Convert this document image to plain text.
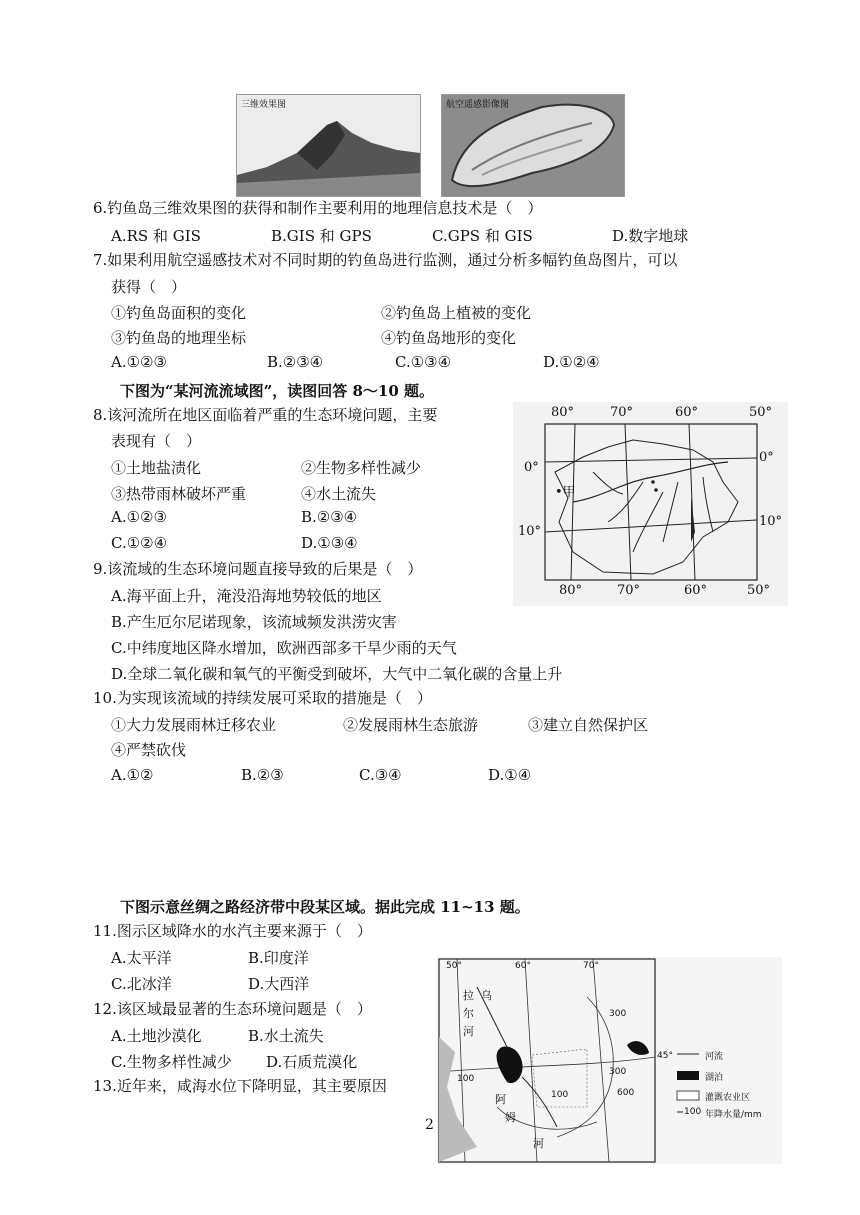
三维效果图	航空遥感影像图
6.钓鱼岛三维效果图的获得和制作主要利用的地理信息技术是（　）
A.RS 和 GIS	B.GIS 和 GPS	C.GPS 和 GIS	D.数字地球
7.如果利用航空遥感技术对不同时期的钓鱼岛进行监测，通过分析多幅钓鱼岛图片，可以
获得（　）
①钓鱼岛面积的变化	②钓鱼岛上植被的变化
③钓鱼岛的地理坐标	④钓鱼岛地形的变化
A.①②③	B.②③④	C.①③④	D.①②④
下图为“某河流流域图”，读图回答 8～10 题。
8.该河流所在地区面临着严重的生态环境问题，主要
表现有（　）
①土地盐渍化	②生物多样性减少
③热带雨林破坏严重	④水土流失
A.①②③	B.②③④
C.①②④	D.①③④
80°	70°	60°	50°
80°	70°	60°	50°
0°
10°
0°
10°
•甲
9.该流域的生态环境问题直接导致的后果是（　）
A.海平面上升，淹没沿海地势较低的地区
B.产生厄尔尼诺现象，该流域频发洪涝灾害
C.中纬度地区降水增加，欧洲西部多干旱少雨的天气
D.全球二氧化碳和氧气的平衡受到破坏，大气中二氧化碳的含量上升
10.为实现该流域的持续发展可采取的措施是（　）
①大力发展雨林迁移农业	②发展雨林生态旅游	③建立自然保护区
④严禁砍伐
A.①②	B.②③	C.③④	D.①④
下图示意丝绸之路经济带中段某区域。据此完成 11~13 题。
11.图示区域降水的水汽主要来源于（　）
A.太平洋	B.印度洋
C.北冰洋	D.大西洋
12.该区域最显著的生态环境问题是（　）
A.土地沙漠化	B.水土流失
C.生物多样性减少 D.石质荒漠化
13.近年来，咸海水位下降明显，其主要原因
50°	60°	70°
45°
拉 乌
尔
河
阿
姆
河
300
300
100	600
100
河流
湖泊
灌溉农业区
100 年降水量/mm
2
